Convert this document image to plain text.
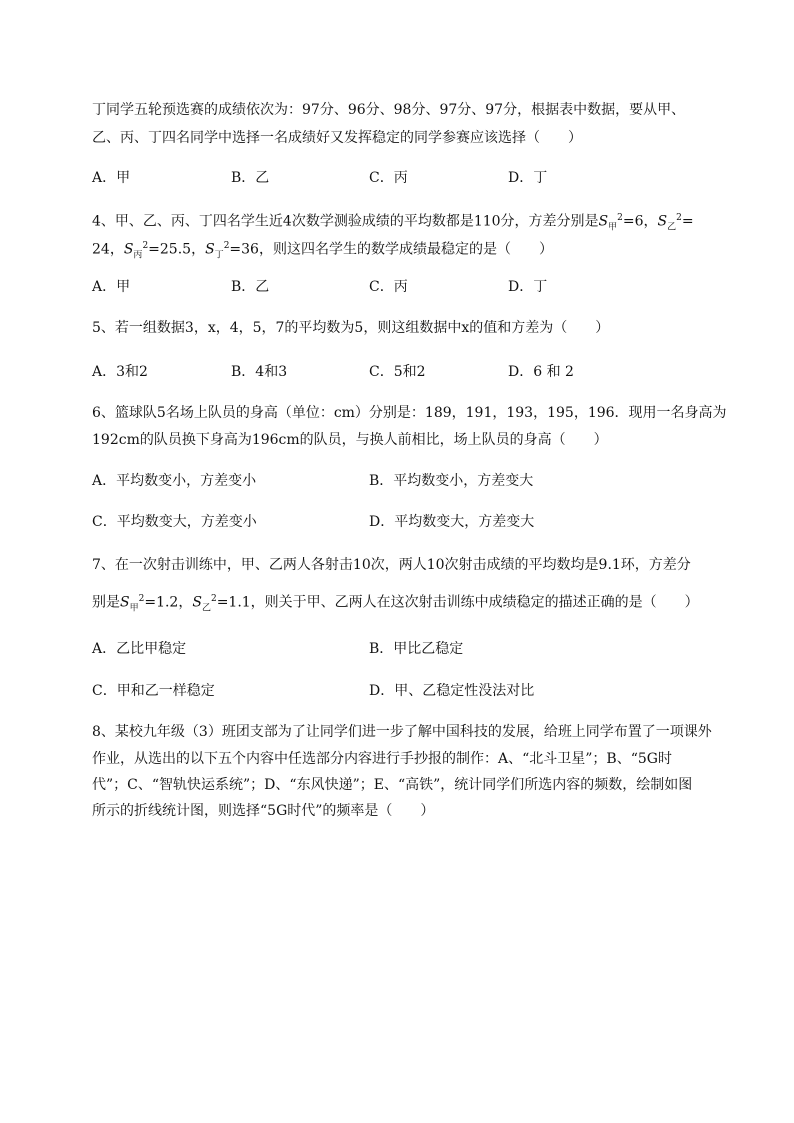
丁同学五轮预选赛的成绩依次为：97分、96分、98分、97分、97分，根据表中数据，要从甲、
乙、丙、丁四名同学中选择一名成绩好又发挥稳定的同学参赛应该选择（　　）
A．甲	B．乙	C．丙	D．丁
4、甲、乙、丙、丁四名学生近4次数学测验成绩的平均数都是110分，方差分别是$S_甲^2=6$，$S_乙^2=$
24，$S_丙^2=25.5$，$S_丁^2=36$，则这四名学生的数学成绩最稳定的是（　　）
A．甲	B．乙	C．丙	D．丁
5、若一组数据3，x，4，5，7的平均数为5，则这组数据中x的值和方差为（　　）
A．3和2	B．4和3	C．5和2	D．6 和 2
6、篮球队5名场上队员的身高（单位：cm）分别是：189，191，193，195，196．现用一名身高为
192cm的队员换下身高为196cm的队员，与换人前相比，场上队员的身高（　　）
A．平均数变小，方差变小	B．平均数变小，方差变大
C．平均数变大，方差变小	D．平均数变大，方差变大
7、在一次射击训练中，甲、乙两人各射击10次，两人10次射击成绩的平均数均是9.1环，方差分
别是$S_甲^2=1.2$，$S_乙^2=1.1$，则关于甲、乙两人在这次射击训练中成绩稳定的描述正确的是（　　）
A．乙比甲稳定	B．甲比乙稳定
C．甲和乙一样稳定	D．甲、乙稳定性没法对比
8、某校九年级（3）班团支部为了让同学们进一步了解中国科技的发展，给班上同学布置了一项课外
作业，从选出的以下五个内容中任选部分内容进行手抄报的制作：A、“北斗卫星”；B、“5G时
代”；C、“智轨快运系统”；D、“东风快递”；E、“高铁”，统计同学们所选内容的频数，绘制如图
所示的折线统计图，则选择“5G时代”的频率是（　　）
